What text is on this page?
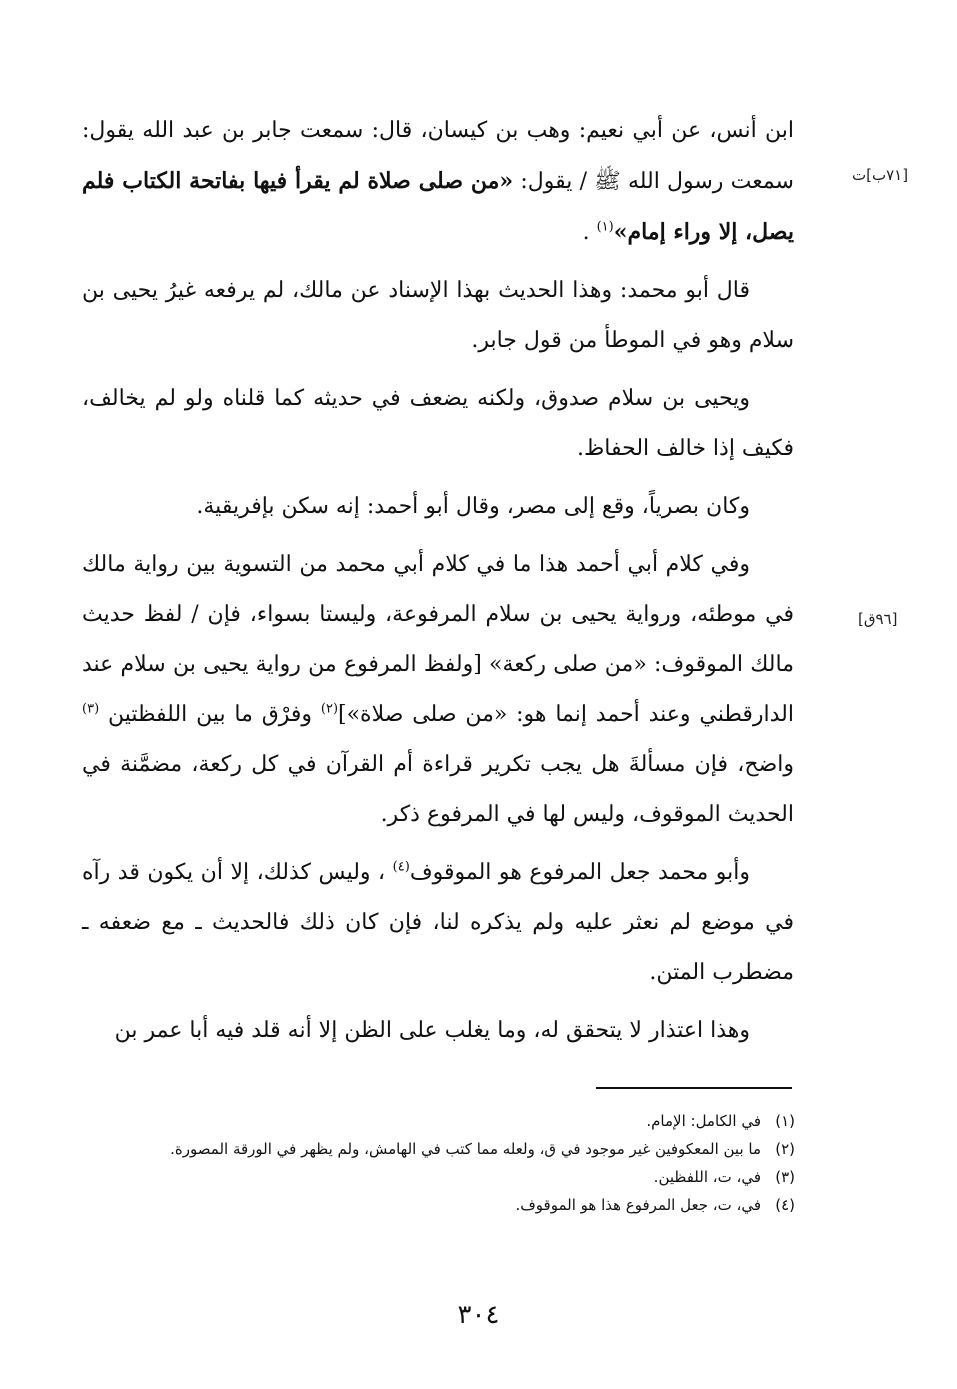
[٧١ب]ت
[٩٦ق]

ابن أنس، عن أبي نعيم: وهب بن كيسان، قال: سمعت جابر بن عبد الله يقول: سمعت رسول الله ﷺ / يقول: «من صلى صلاة لم يقرأ فيها بفاتحة الكتاب فلم يصل، إلا وراء إمام»$^{(١)}$ .

قال أبو محمد: وهذا الحديث بهذا الإسناد عن مالك، لم يرفعه غيرُ يحيى بن سلام وهو في الموطأ من قول جابر.

ويحيى بن سلام صدوق، ولكنه يضعف في حديثه كما قلناه ولو لم يخالف، فكيف إذا خالف الحفاظ.

وكان بصرياً، وقع إلى مصر، وقال أبو أحمد: إنه سكن بإفريقية.

وفي كلام أبي أحمد هذا ما في كلام أبي محمد من التسوية بين رواية مالك في موطئه، ورواية يحيى بن سلام المرفوعة، وليستا بسواء، فإن / لفظ حديث مالك الموقوف: «من صلى ركعة» [ولفظ المرفوع من رواية يحيى بن سلام عند الدارقطني وعند أحمد إنما هو: «من صلى صلاة»]$^{(٢)}$ وفرْق ما بين اللفظتين $^{(٣)}$ واضح، فإن مسألةَ هل يجب تكرير قراءة أم القرآن في كل ركعة، مضمَّنة في الحديث الموقوف، وليس لها في المرفوع ذكر.

وأبو محمد جعل المرفوع هو الموقوف$^{(٤)}$ ، وليس كذلك، إلا أن يكون قد رآه في موضع لم نعثر عليه ولم يذكره لنا، فإن كان ذلك فالحديث ـ مع ضعفه ـ مضطرب المتن.

وهذا اعتذار لا يتحقق له، وما يغلب على الظن إلا أنه قلد فيه أبا عمر بن

(١)في الكامل: الإمام.
(٢)ما بين المعكوفين غير موجود في ق، ولعله مما كتب في الهامش، ولم يظهر في الورقة المصورة.
(٣)في، ت، اللفظين.
(٤)في، ت، جعل المرفوع هذا هو الموقوف.
٣٠٤
